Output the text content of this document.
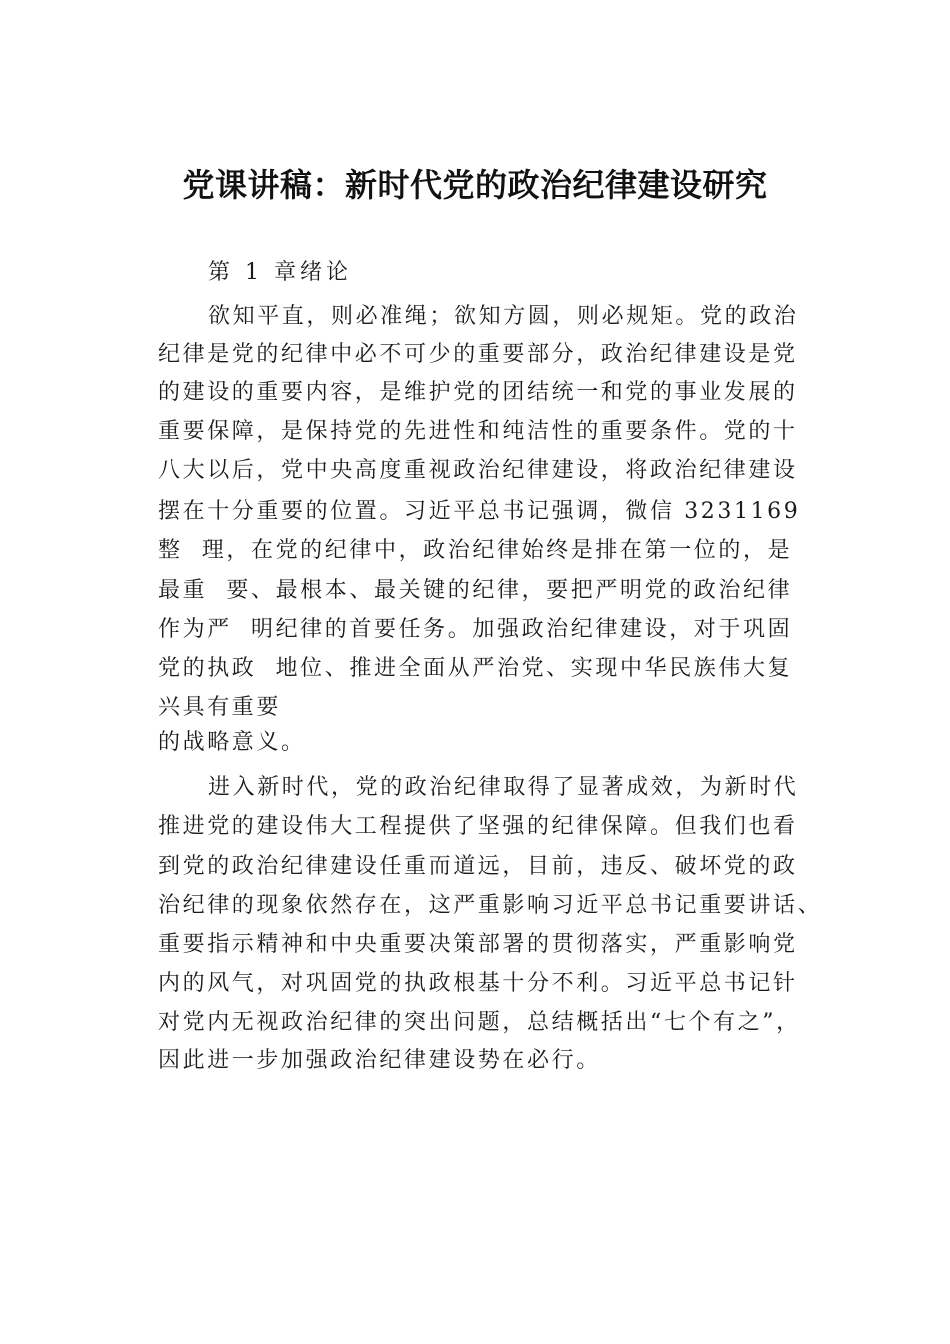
党课讲稿：新时代党的政治纪律建设研究
第 1 章绪论
欲知平直，则必准绳；欲知方圆，则必规矩。党的政治
纪律是党的纪律中必不可少的重要部分，政治纪律建设是党
的建设的重要内容，是维护党的团结统一和党的事业发展的
重要保障，是保持党的先进性和纯洁性的重要条件。党的十
八大以后，党中央高度重视政治纪律建设，将政治纪律建设
摆在十分重要的位置。习近平总书记强调，微信 3231169
整  理，在党的纪律中，政治纪律始终是排在第一位的，是
最重  要、最根本、最关键的纪律，要把严明党的政治纪律
作为严  明纪律的首要任务。加强政治纪律建设，对于巩固
党的执政  地位、推进全面从严治党、实现中华民族伟大复
兴具有重要
的战略意义。
进入新时代，党的政治纪律取得了显著成效，为新时代
推进党的建设伟大工程提供了坚强的纪律保障。但我们也看
到党的政治纪律建设任重而道远，目前，违反、破坏党的政
治纪律的现象依然存在，这严重影响习近平总书记重要讲话、
重要指示精神和中央重要决策部署的贯彻落实，严重影响党
内的风气，对巩固党的执政根基十分不利。习近平总书记针
对党内无视政治纪律的突出问题，总结概括出“七个有之”，
因此进一步加强政治纪律建设势在必行。
